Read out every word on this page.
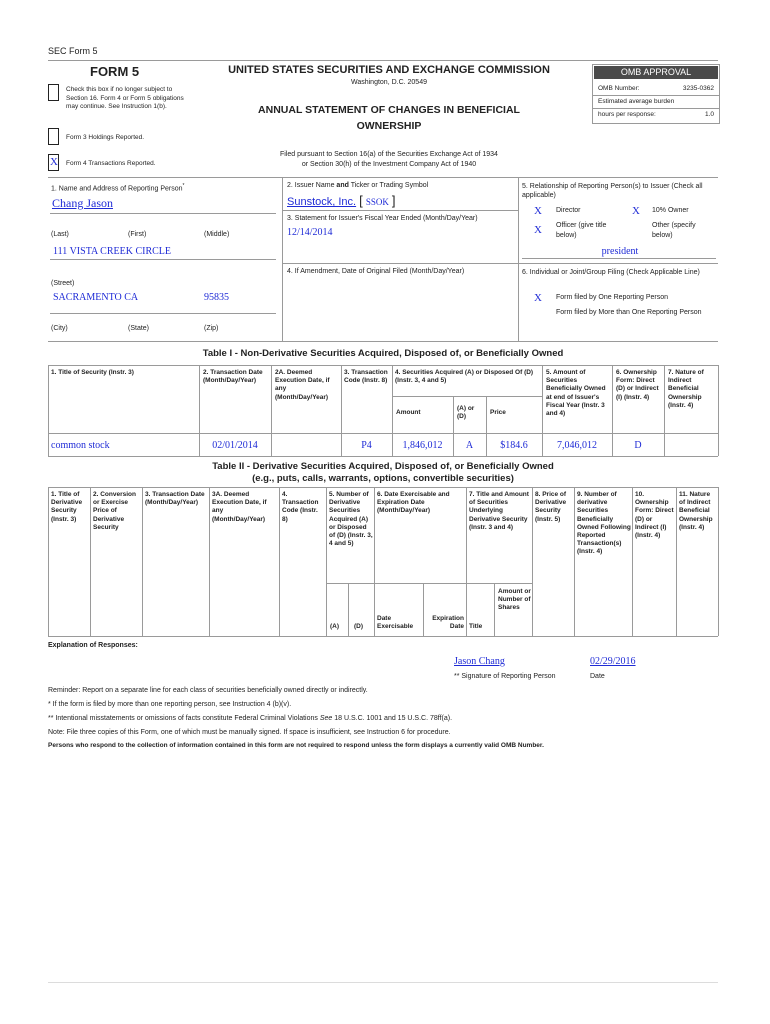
SEC Form 5
FORM 5
Check this box if no longer subject to Section 16. Form 4 or Form 5 obligations may continue. See Instruction 1(b).
Form 3 Holdings Reported.
X Form 4 Transactions Reported.
UNITED STATES SECURITIES AND EXCHANGE COMMISSION
Washington, D.C. 20549
ANNUAL STATEMENT OF CHANGES IN BENEFICIAL
OWNERSHIP
Filed pursuant to Section 16(a) of the Securities Exchange Act of 1934
or Section 30(h) of the Investment Company Act of 1940
OMB APPROVAL
OMB Number:	3235-0362
Estimated average burden
hours per response:	1.0
1. Name and Address of Reporting Person*
Chang Jason
(Last)	(First)	(Middle)
111 VISTA CREEK CIRCLE
(Street)
SACRAMENTO CA	95835
(City)	(State)	(Zip)
2. Issuer Name and Ticker or Trading Symbol
Sunstock, Inc. [ SSOK ]
3. Statement for Issuer's Fiscal Year Ended (Month/Day/Year)
12/14/2014
4. If Amendment, Date of Original Filed (Month/Day/Year)
5. Relationship of Reporting Person(s) to Issuer (Check all applicable)
X Director	X 10% Owner
X Officer (give title below)
Other (specify below)
president
6. Individual or Joint/Group Filing (Check Applicable Line)
X Form filed by One Reporting Person
Form filed by More than One Reporting Person
Table I - Non-Derivative Securities Acquired, Disposed of, or Beneficially Owned
1. Title of Security (Instr. 3)	2. Transaction Date (Month/Day/Year)
2A. Deemed Execution Date, if any (Month/Day/Year)
3. Transaction Code (Instr. 8)
4. Securities Acquired (A) or Disposed Of (D) (Instr. 3, 4 and 5)
Amount
(A) or (D)
Price
5. Amount of Securities Beneficially Owned at end of Issuer's Fiscal Year (Instr. 3 and 4)
6. Ownership Form: Direct (D) or Indirect (I) (Instr. 4)
7. Nature of Indirect Beneficial Ownership (Instr. 4)
common stock	02/01/2014	P4	1,846,012	A	$184.6	7,046,012	D
Table II - Derivative Securities Acquired, Disposed of, or Beneficially Owned
(e.g., puts, calls, warrants, options, convertible securities)
1. Title of Derivative Security (Instr. 3)
2. Conversion or Exercise Price of Derivative Security
3. Transaction Date (Month/Day/Year)
3A. Deemed Execution Date, if any (Month/Day/Year)
4. Transaction Code (Instr. 8)
5. Number of Derivative Securities Acquired (A) or Disposed of (D) (Instr. 3, 4 and 5)
(A) (D)
6. Date Exercisable and Expiration Date (Month/Day/Year)
Date Exercisable
Expiration Date
7. Title and Amount of Securities Underlying Derivative Security (Instr. 3 and 4)
Title
Amount or Number of Shares
8. Price of Derivative Security (Instr. 5)
9. Number of derivative Securities Beneficially Owned Following Reported Transaction(s) (Instr. 4)
10. Ownership Form: Direct (D) or Indirect (I) (Instr. 4)
11. Nature of Indirect Beneficial Ownership (Instr. 4)
Explanation of Responses:
Jason Chang	02/29/2016
** Signature of Reporting Person	Date
Reminder: Report on a separate line for each class of securities beneficially owned directly or indirectly.
* If the form is filed by more than one reporting person, see Instruction 4 (b)(v).
** Intentional misstatements or omissions of facts constitute Federal Criminal Violations See 18 U.S.C. 1001 and 15 U.S.C. 78ff(a).
Note: File three copies of this Form, one of which must be manually signed. If space is insufficient, see Instruction 6 for procedure.
Persons who respond to the collection of information contained in this form are not required to respond unless the form displays a currently valid OMB Number.
